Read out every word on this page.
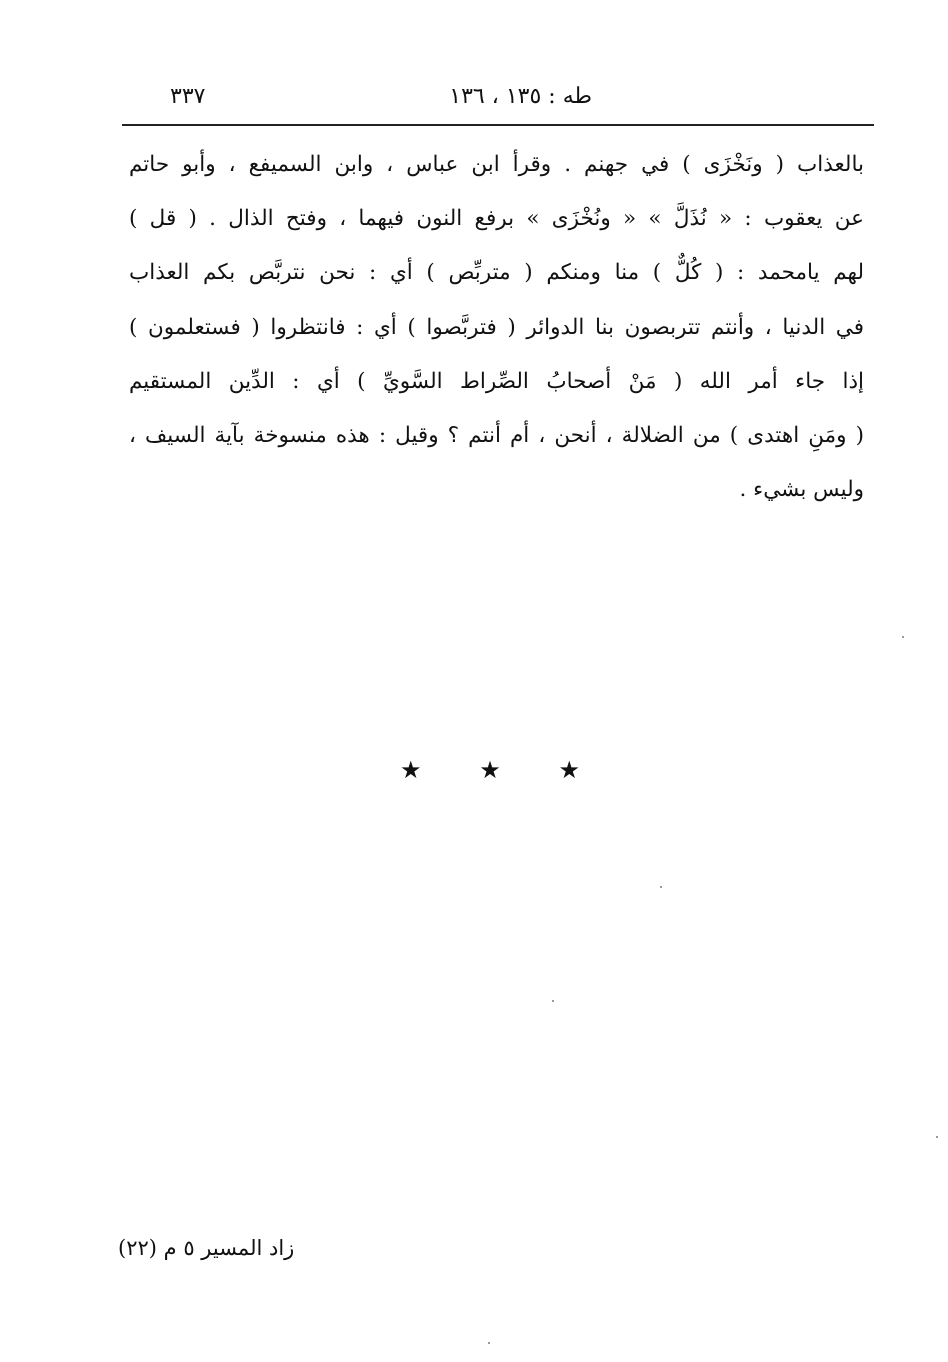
طه : ١٣٥ ، ١٣٦
٣٣٧
بالعذاب ( ونَخْزَى ) في جهنم . وقرأ ابن عباس ، وابن السميفع ، وأبو حاتم
عن يعقوب : « نُذَلَّ » « ونُخْزَى » برفع النون فيهما ، وفتح الذال . ( قل )
لهم يامحمد : ( كُلٌّ ) منا ومنكم ( متربِّص ) أي : نحن نتربَّص بكم العذاب
في الدنيا ، وأنتم تتربصون بنا الدوائر ( فتربَّصوا ) أي : فانتظروا ( فستعلمون )
إذا جاء أمر الله ( مَنْ أصحابُ الصِّراط السَّويِّ ) أي : الدِّين المستقيم
( ومَنِ اهتدى ) من الضلالة ، أنحن ، أم أنتم ؟ وقيل : هذه منسوخة بآية السيف ،
وليس بشيء .
★ ★ ★
زاد المسير ٥ م (٢٢)
